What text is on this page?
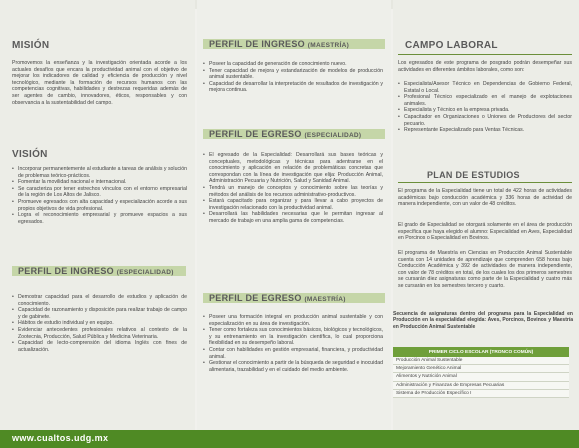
MISIÓN

Promovemos la enseñanza y la investigación orientada acorde a los actuales desafíos que encara la productividad animal con el objetivo de mejorar los indicadores de calidad y eficiencia de producción y nivel tecnológico, mediante la formación de recursos humanos con las competencias cognitivas, habilidades y destrezas requeridas además de ser agentes de cambio, innovadores, éticos, responsables y con observancia a la sustentabilidad del campo.

VISIÓN
• Incorporar permanentemente al estudiante a tareas de análisis y solución de problemas teórico-prácticos.
• Fomentar la movilidad nacional e internacional.
• Se caracteriza por tener estrechos vínculos con el entorno empresarial de la región de Los Altos de Jalisco.
• Promueve egresados con alta capacidad y especialización acorde a sus propios objetivos de vida profesional.
• Logra el reconocimiento empresarial y promueve espacios a sus egresados.
PERFIL DE INGRESO (ESPECIALIDAD)
• Demostrar capacidad para el desarrollo de estudios y aplicación de conocimiento.
• Capacidad de razonamiento y disposición para realizar trabajo de campo y de gabinete.
• Hábitos de estudio individual y en equipo.
• Evidenciar antecedentes profesionales relativos al contexto de la Zootecnia, Producción, Salud Pública y Medicina Veterinaria.
• Capacidad de lecto-comprensión del idioma Inglés con fines de actualización.
PERFIL DE INGRESO (MAESTRÍA)
• Poseer la capacidad de generación de conocimiento nuevo.
• Tener capacidad de mejora y estandarización de modelos de producción animal sustentable.
• Capacidad de desarrollar la interpretación de resultados de investigación y mejora continua.
PERFIL DE EGRESO (ESPECIALIDAD)
• El egresado de la Especialidad: Desarrollará sus bases teóricas y conceptuales, metodológicas y técnicas para adentrarse en el conocimiento y aplicación en relación de problemáticas concretas que correspondan con la línea de investigación que elija: Producción Animal, Administración Pecuaria y Nutrición, Salud y Sanidad Animal.
• Tendrá un manejo de conceptos y conocimiento sobre las teorías y métodos del análisis de los recursos administrativo-productivos.
• Estará capacitado para organizar y para llevar a cabo proyectos de investigación relacionado con la productividad animal.
• Desarrollará las habilidades necesarias que le permitan ingresar al mercado de trabajo en una amplia gama de competencias.
PERFIL DE EGRESO (MAESTRÍA)
• Poseer una formación integral en producción animal sustentable y con especialización en su área de investigación.
• Tener como fortaleza sus conocimientos básicos, biológicos y tecnológicos, y su entrenamiento en la investigación científica, lo cual proporciona flexibilidad en su desempeño laboral.
• Contar con habilidades en gestión empresarial, financiera, y productividad animal.
• Gestionar el conocimiento a partir de la búsqueda de seguridad e inocuidad alimentaria, trazabilidad y en el cuidado del medio ambiente.
CAMPO LABORAL

Los egresados de este programa de posgrado podrán desempeñar sus actividades en diferentes ámbitos laborales, como son:

• Especialista/Asesor Técnico en Dependencias de Gobierno Federal, Estatal o Local.
• Profesional Técnico especializado en el manejo de explotaciones animales.
• Especialista y Técnico en la empresa privada.
• Capacitador en Organizaciones o Uniones de Productores del sector pecuario.
• Representante Especializado para Ventas Técnicas.
PLAN DE ESTUDIOS

El programa de la Especialidad tiene un total de 422 horas de actividades académicas bajo conducción académica y 336 horas de actividad de manera independiente, con un valor de 48 créditos.

El grado de Especialidad se otorgará solamente en el área de producción específica que haya elegido el alumno: Especialidad en Aves, Especialidad en Porcinos o Especialidad en Bovinos.

El programa de Maestría en Ciencias en Producción Animal Sustentable cuenta con 14 unidades de aprendizaje que comprenden 658 horas bajo Conducción Académica y 392 de actividades de manera independiente, con valor de 78 créditos en total, de los cuales los dos primeros semestres se cursarán diez asignaturas como parte de la Especialidad y cuatro más se cursarán en los semestres tercero y cuarto.

Secuencia de asignaturas dentro del programa para la Especialidad en Producción en la especialidad elegida: Aves, Porcinos, Bovinos y Maestría en Producción Animal Sustentable

PRIMER CICLO ESCOLAR (TRONCO COMÚN)
Producción Animal Sustentable
Mejoramiento Genético Animal
Alimentos y Nutrición Animal
Administración y Finanzas de Empresas Pecuarias
Sistema de Producción Específico I
www.cualtos.udg.mx
